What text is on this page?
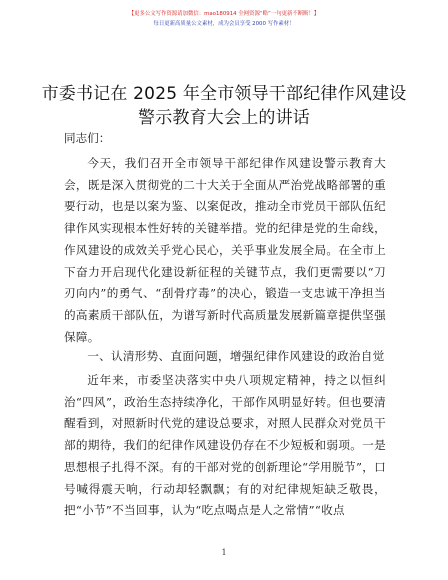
【更多公文写作资源请加微信：mao180914 全网资源“略”一句更新不断断！】
每日更新高质量公文素材，成为会员享受 2000 写作素材！
市委书记在 2025 年全市领导干部纪律作风建设
警示教育大会上的讲话
同志们：

今天，我们召开全市领导干部纪律作风建设警示教育大会，既是深入贯彻党的二十大关于全面从严治党战略部署的重要行动，也是以案为鉴、以案促改，推动全市党员干部队伍纪律作风实现根本性好转的关键举措。党的纪律是党的生命线，作风建设的成效关乎党心民心，关乎事业发展全局。在全市上下奋力开启现代化建设新征程的关键节点，我们更需要以“刀刃向内”的勇气、“刮骨疗毒”的决心，锻造一支忠诚干净担当的高素质干部队伍，为谱写新时代高质量发展新篇章提供坚强保障。

一、认清形势、直面问题，增强纪律作风建设的政治自觉

近年来，市委坚决落实中央八项规定精神，持之以恒纠治“四风”，政治生态持续净化，干部作风明显好转。但也要清醒看到，对照新时代党的建设总要求，对照人民群众对党员干部的期待，我们的纪律作风建设仍存在不少短板和弱项。一是思想根子扎得不深。有的干部对党的创新理论“学用脱节”，口号喊得震天响，行动却轻飘飘；有的对纪律规矩缺乏敬畏，把“小节”不当回事，认为“吃点喝点是人之常情”“收点

1
